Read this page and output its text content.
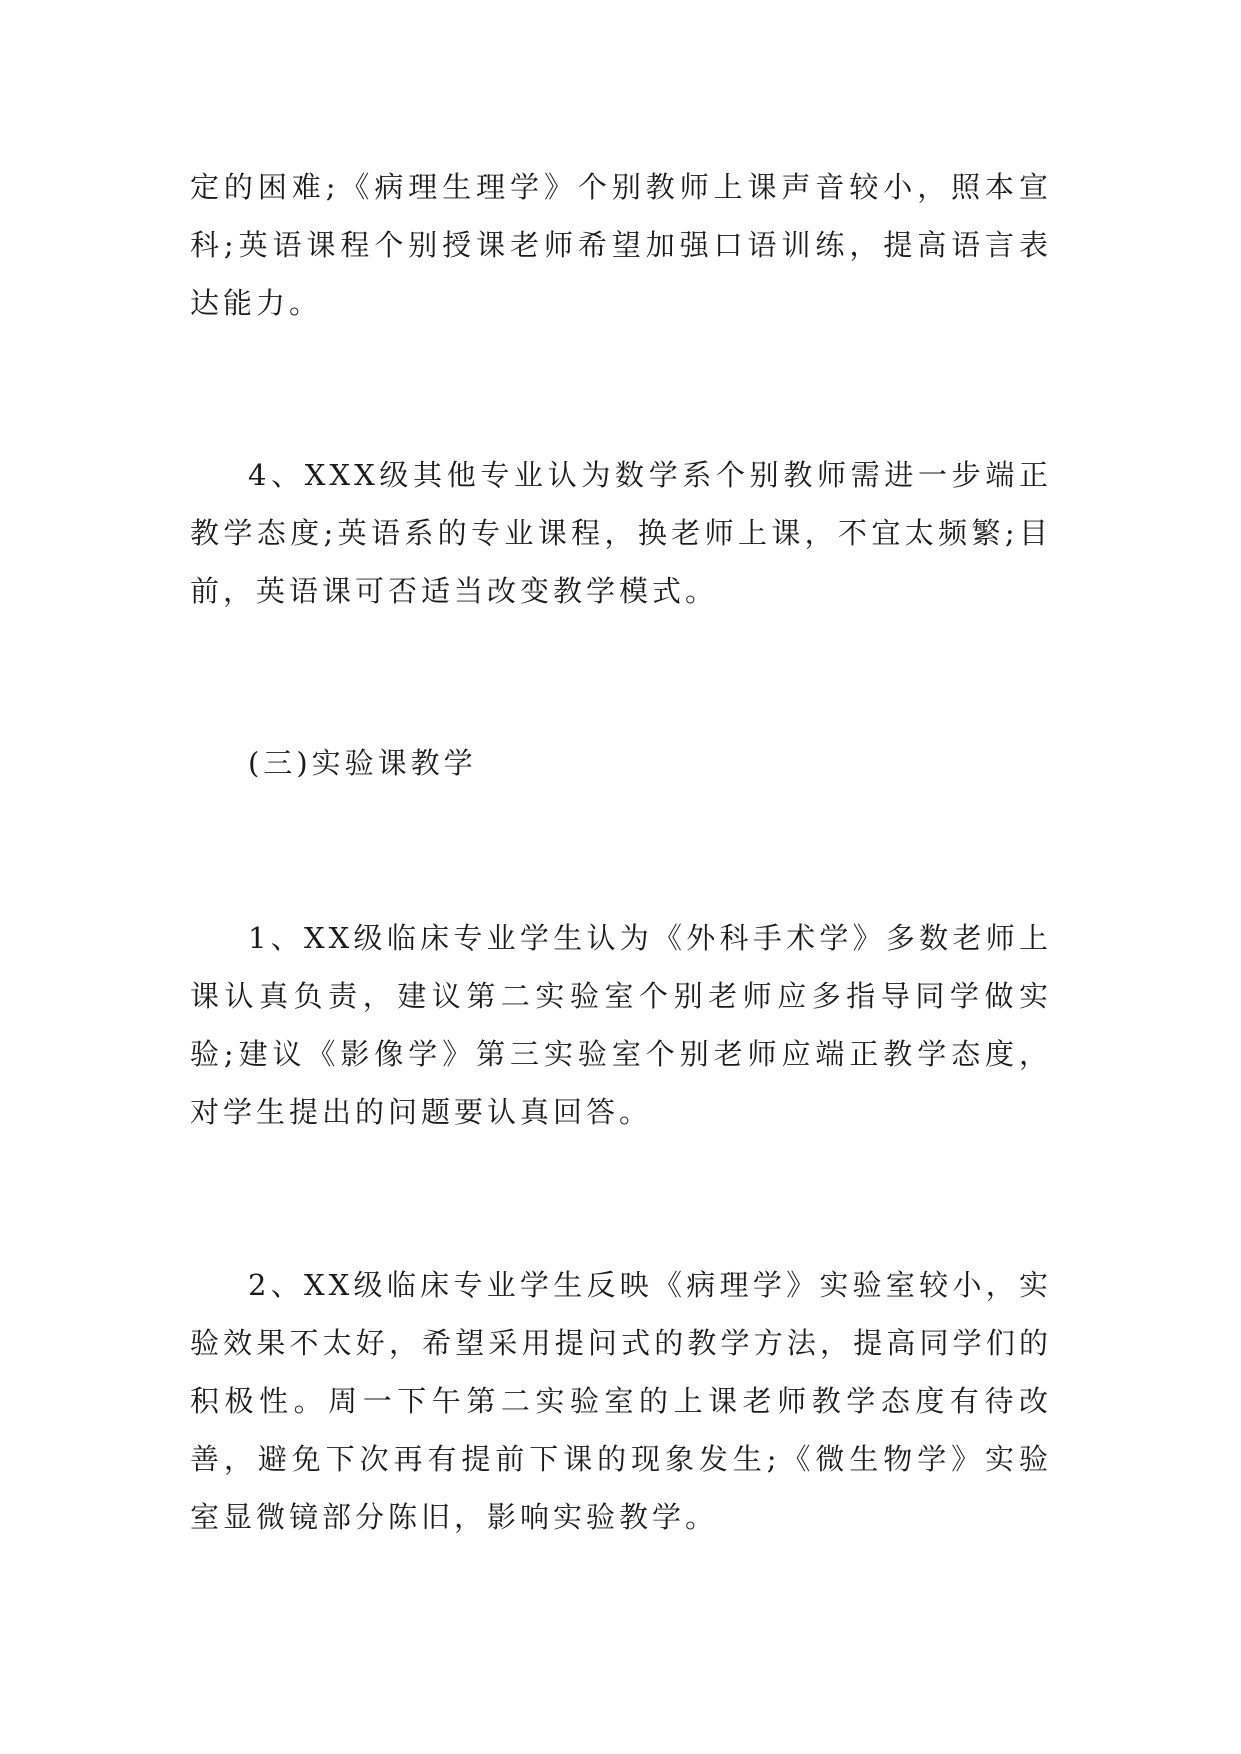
定的困难;《病理生理学》个别教师上课声音较小，照本宣科;英语课程个别授课老师希望加强口语训练，提高语言表达能力。

4、XXX级其他专业认为数学系个别教师需进一步端正教学态度;英语系的专业课程，换老师上课，不宜太频繁;目前，英语课可否适当改变教学模式。

(三)实验课教学

1、XX级临床专业学生认为《外科手术学》多数老师上课认真负责，建议第二实验室个别老师应多指导同学做实验;建议《影像学》第三实验室个别老师应端正教学态度，对学生提出的问题要认真回答。

2、XX级临床专业学生反映《病理学》实验室较小，实验效果不太好，希望采用提问式的教学方法，提高同学们的积极性。周一下午第二实验室的上课老师教学态度有待改善，避免下次再有提前下课的现象发生;《微生物学》实验室显微镜部分陈旧，影响实验教学。
